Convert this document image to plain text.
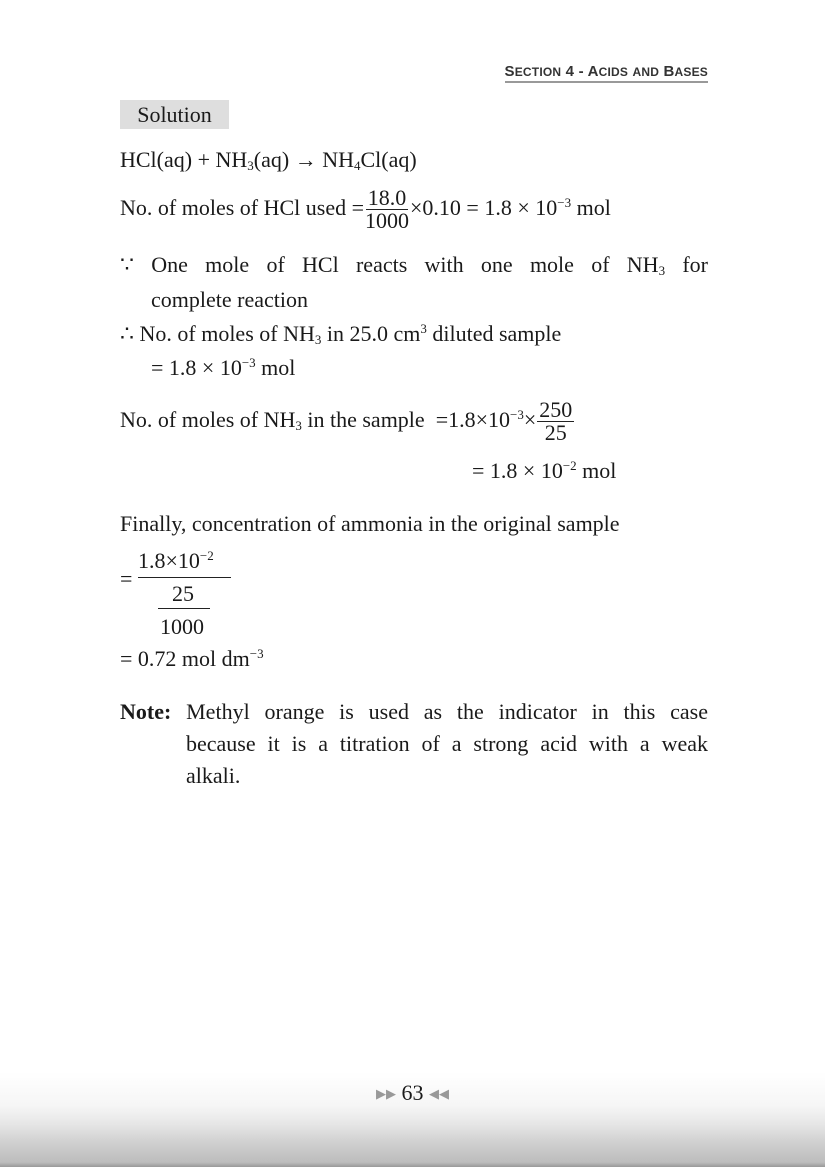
SECTION 4 - ACIDS AND BASES
Solution
$HCl(aq) + NH_3(aq) \to NH_4Cl(aq)$
No. of moles of HCl used = $\frac{18.0}{1000} \times 0.10 = 1.8 \times 10^{-3}$ mol
∵ One mole of HCl reacts with one mole of $NH_3$ for
complete reaction
∴ No. of moles of $NH_3$ in 25.0 $cm^3$ diluted sample
= $1.8 \times 10^{-3}$ mol
No. of moles of $NH_3$ in the sample $=1.8\times 10^{-3}\times \frac{250}{25}$
= $1.8 \times 10^{-2}$ mol
Finally, concentration of ammonia in the original sample
=
$1.8\times 10^{-2}$
25
1000
= 0.72 mol $dm^{-3}$
Note: Methyl orange is used as the indicator in this case
because it is a titration of a strong acid with a weak
alkali.
▶▶ 63 ◀◀
